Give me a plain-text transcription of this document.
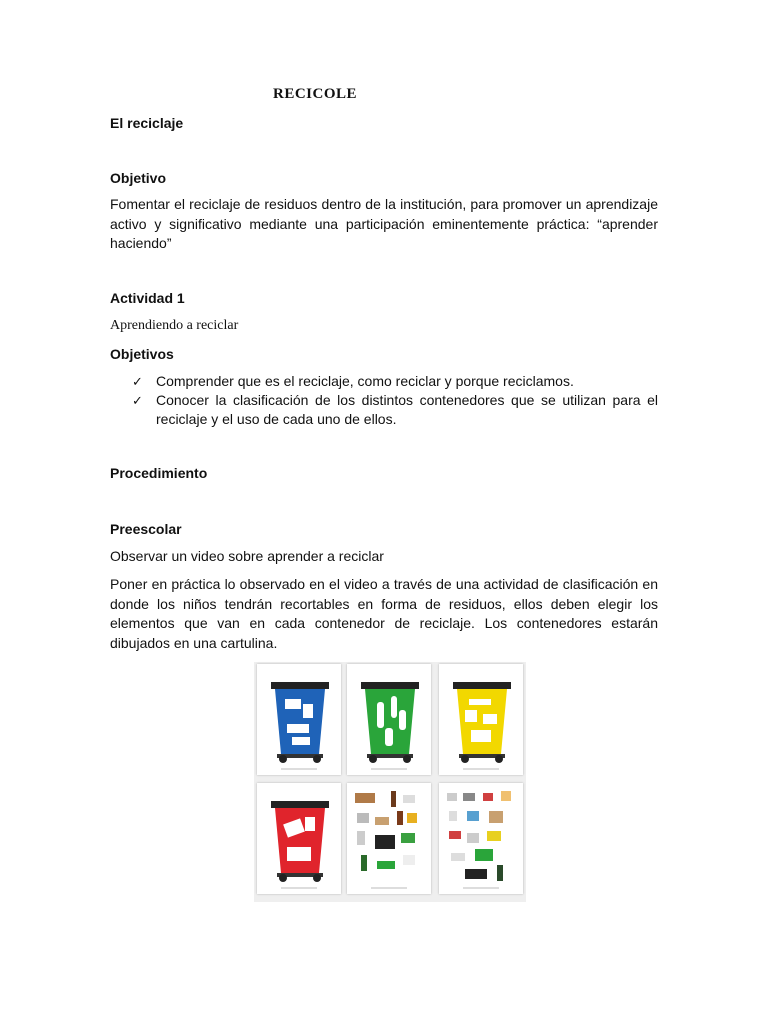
RECICOLE
El reciclaje
Objetivo
Fomentar el reciclaje de residuos dentro de la institución, para promover un aprendizaje activo y significativo mediante una participación eminentemente práctica: “aprender haciendo”
Actividad 1
Aprendiendo a reciclar
Objetivos
✓ Comprender que es el reciclaje, como reciclar y porque reciclamos.
✓ Conocer la clasificación de los distintos contenedores que se utilizan para el reciclaje y el uso de cada uno de ellos.
Procedimiento
Preescolar
Observar un video sobre aprender a reciclar
Poner en práctica lo observado en el video a través de una actividad de clasificación en donde los niños tendrán recortables en forma de residuos, ellos deben elegir los elementos que van en cada contenedor de reciclaje. Los contenedores estarán dibujados en una cartulina.
